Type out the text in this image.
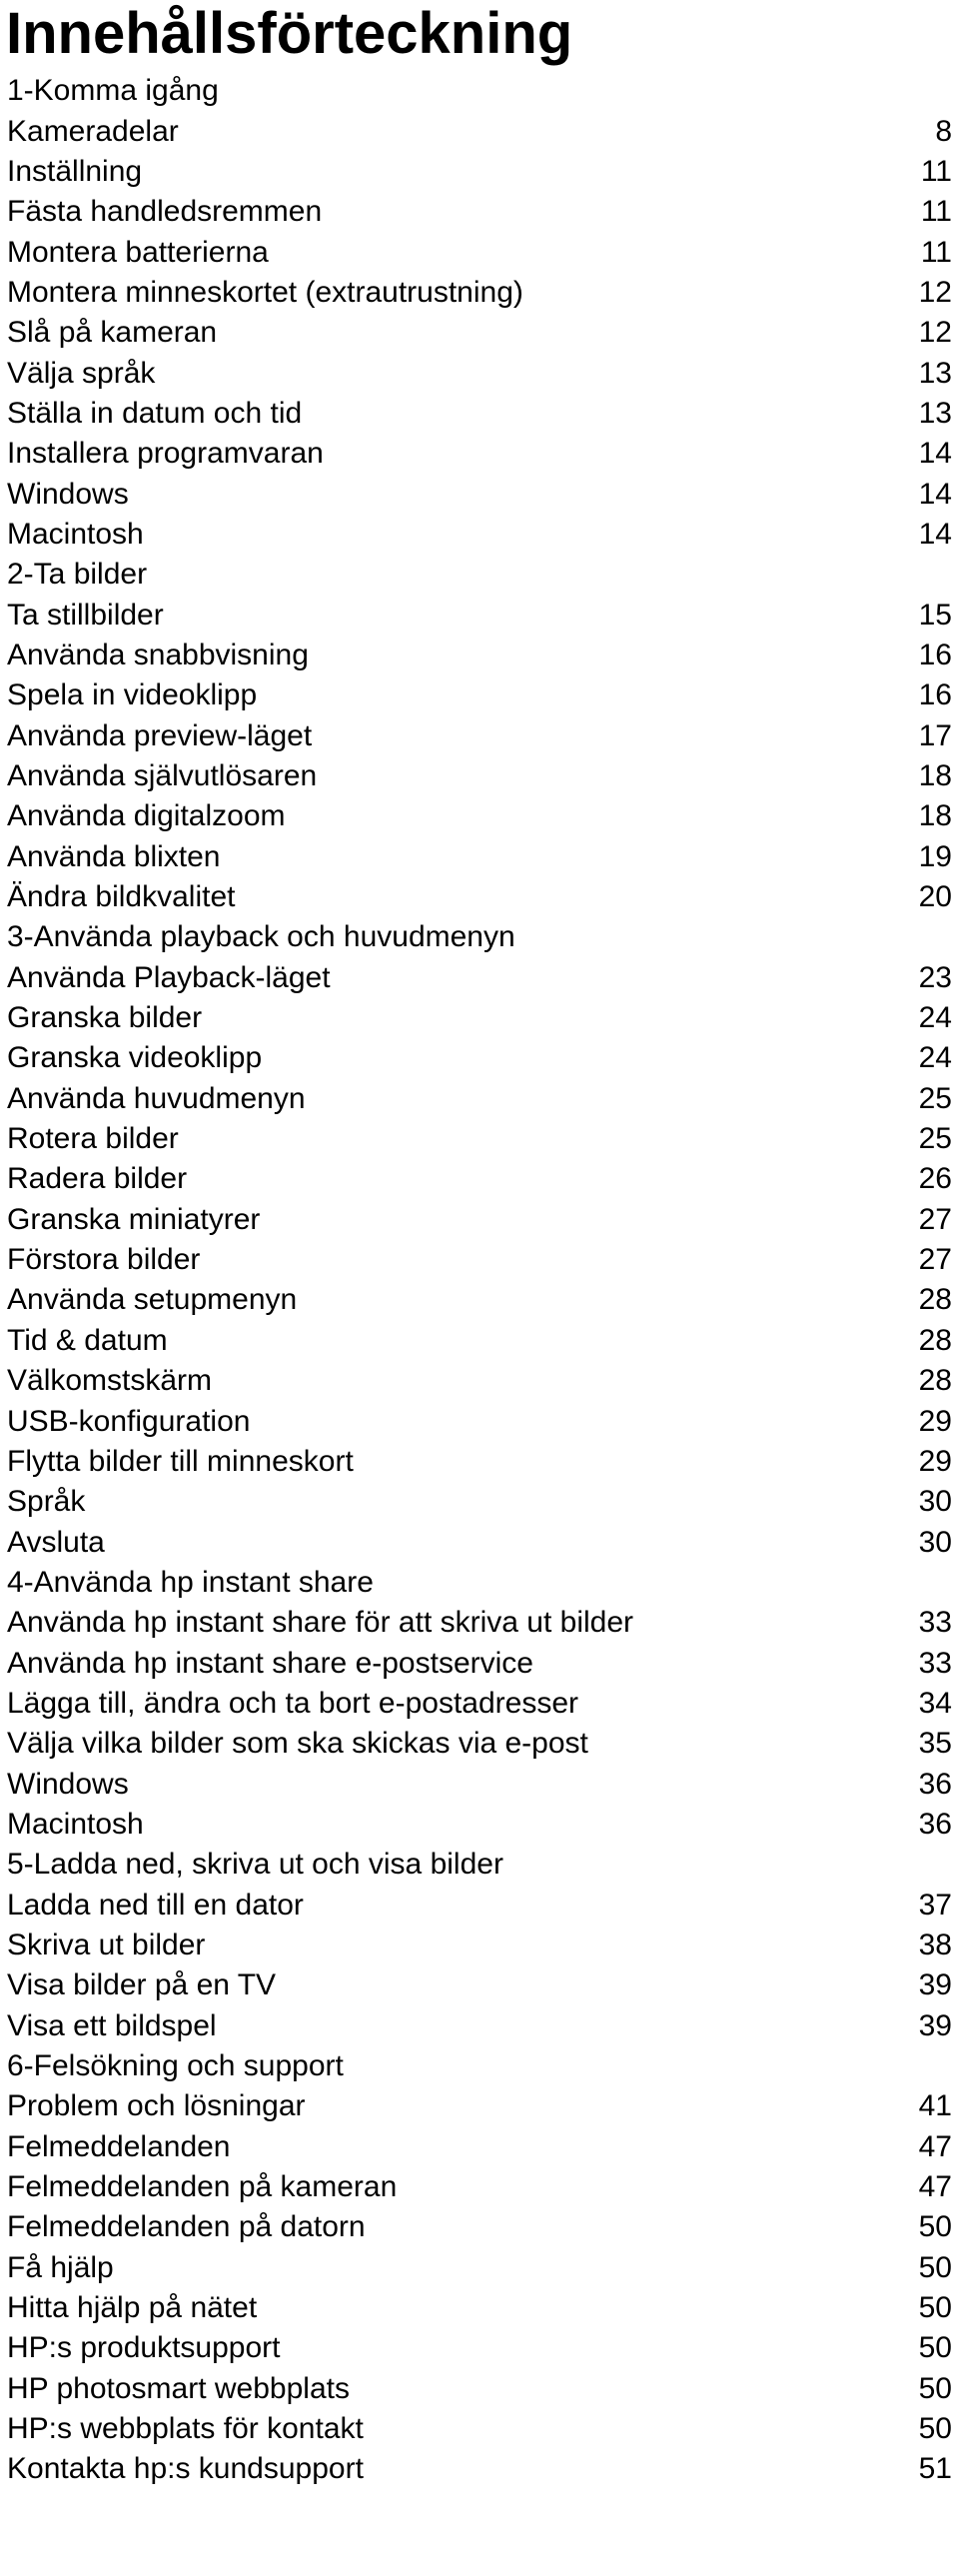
Innehållsförteckning
1-Komma igång
Kameradelar	8
Inställning	11
Fästa handledsremmen	11
Montera batterierna	11
Montera minneskortet (extrautrustning)	12
Slå på kameran	12
Välja språk	13
Ställa in datum och tid	13
Installera programvaran	14
Windows	14
Macintosh	14
2-Ta bilder
Ta stillbilder	15
Använda snabbvisning	16
Spela in videoklipp	16
Använda preview-läget	17
Använda självutlösaren	18
Använda digitalzoom	18
Använda blixten	19
Ändra bildkvalitet	20
3-Använda playback och huvudmenyn
Använda Playback-läget	23
Granska bilder	24
Granska videoklipp	24
Använda huvudmenyn	25
Rotera bilder	25
Radera bilder	26
Granska miniatyrer	27
Förstora bilder	27
Använda setupmenyn	28
Tid & datum	28
Välkomstskärm	28
USB-konfiguration	29
Flytta bilder till minneskort	29
Språk	30
Avsluta	30
4-Använda hp instant share
Använda hp instant share för att skriva ut bilder	33
Använda hp instant share e-postservice	33
Lägga till, ändra och ta bort e-postadresser	34
Välja vilka bilder som ska skickas via e-post	35
Windows	36
Macintosh	36
5-Ladda ned, skriva ut och visa bilder
Ladda ned till en dator	37
Skriva ut bilder	38
Visa bilder på en TV	39
Visa ett bildspel	39
6-Felsökning och support
Problem och lösningar	41
Felmeddelanden	47
Felmeddelanden på kameran	47
Felmeddelanden på datorn	50
Få hjälp	50
Hitta hjälp på nätet	50
HP:s produktsupport	50
HP photosmart webbplats	50
HP:s webbplats för kontakt	50
Kontakta hp:s kundsupport	51
